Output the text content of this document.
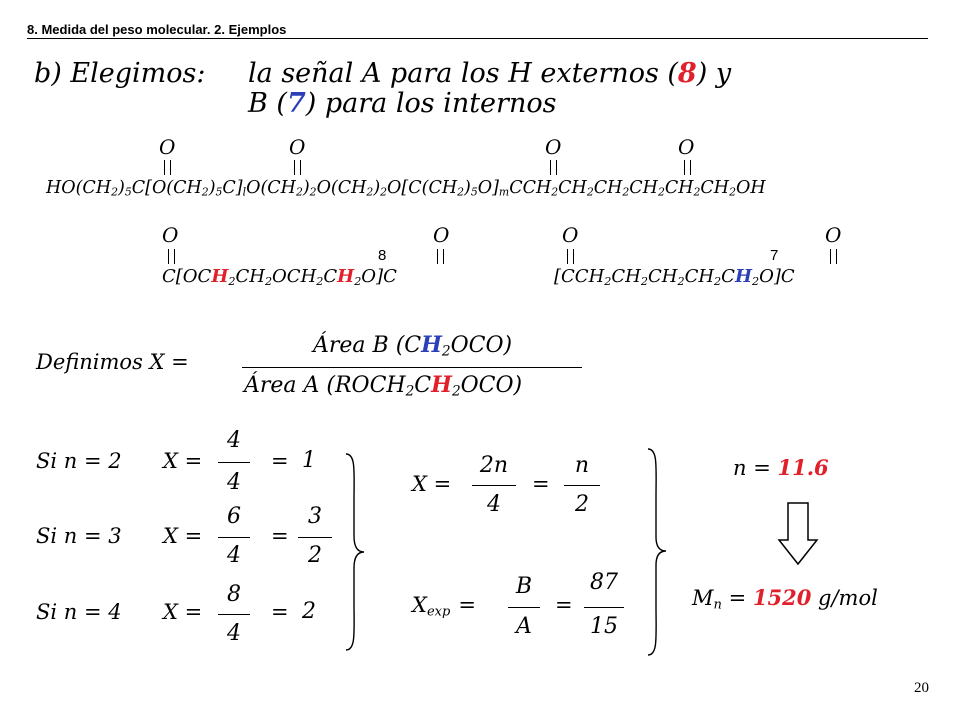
8. Medida del peso molecular. 2. Ejemplos
b) Elegimos: la señal A para los H externos (8) y
B (7) para los internos
O	O	O	O
$HO(CH_2)_5C[O(CH_2)_5C]_lO(CH_2)_2O(CH_2)_2O[C(CH_2)_5O]_mCCH_2CH_2CH_2CH_2CH_2CH_2OH$
O
8
O
$C[OCH_2CH_2OCH_2CH_2O]C$
O
7
O
$[CCH_2CH_2CH_2CH_2CH_2O]C$
Definimos X =
Área B $(CH_2OCO)$
Área A $(ROCH_2CH_2OCO)$
Si n = 2 X =
4
4
= 1
Si n = 3 X =
6
4
=
3
2
Si n = 4 X =
8
4
= 2
X =
2n
4
=
n
2
$X_{exp}$ =
B
A
=
87
15
n = 11.6
$M_n = 1520$ g/mol
20
